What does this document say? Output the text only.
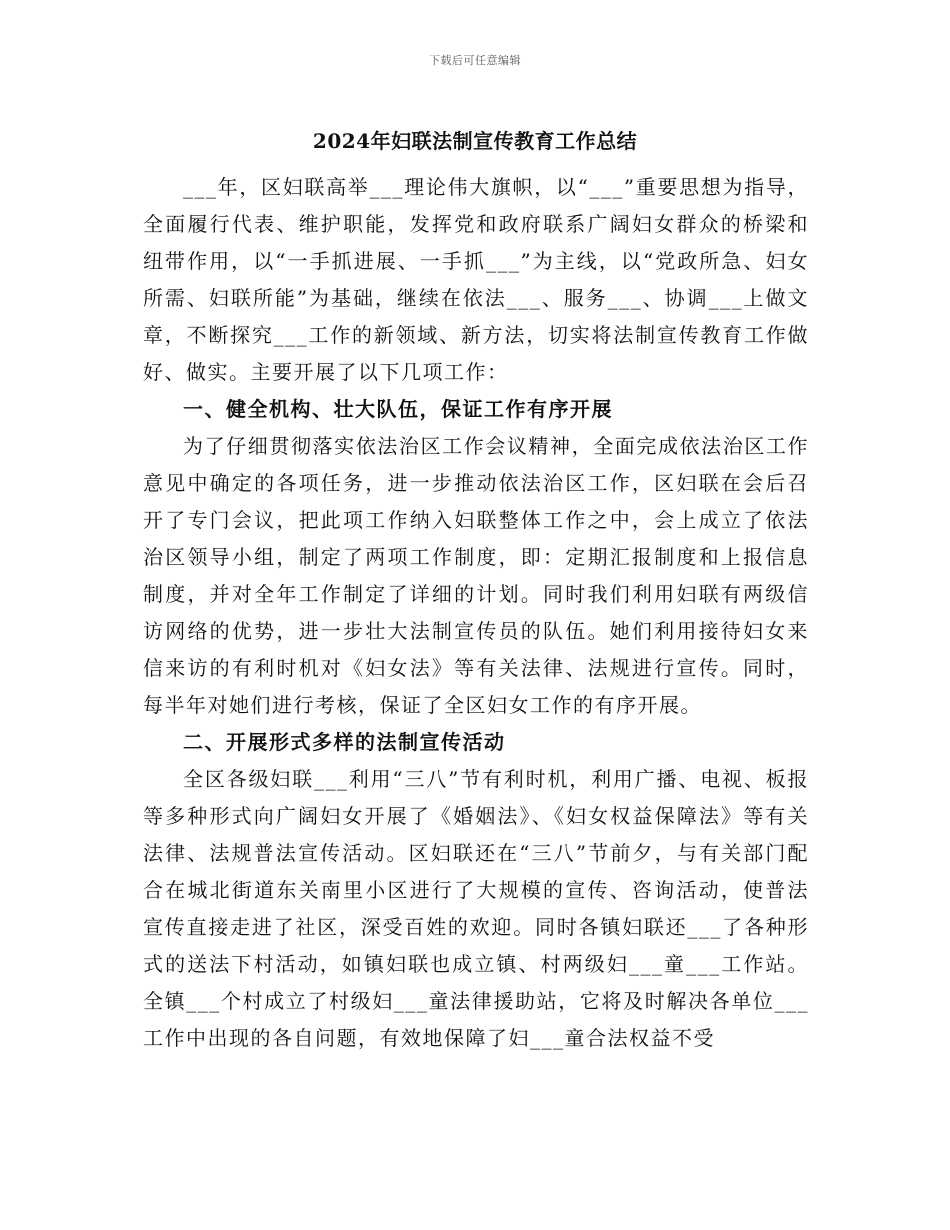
下载后可任意编辑
2024年妇联法制宣传教育工作总结

___年，区妇联高举___理论伟大旗帜，以“___”重要思想为指导，全面履行代表、维护职能，发挥党和政府联系广阔妇女群众的桥梁和纽带作用，以“一手抓进展、一手抓___”为主线，以“党政所急、妇女所需、妇联所能”为基础，继续在依法___、服务___、协调___上做文章，不断探究___工作的新领域、新方法，切实将法制宣传教育工作做好、做实。主要开展了以下几项工作：

一、健全机构、壮大队伍，保证工作有序开展

为了仔细贯彻落实依法治区工作会议精神，全面完成依法治区工作意见中确定的各项任务，进一步推动依法治区工作，区妇联在会后召开了专门会议，把此项工作纳入妇联整体工作之中，会上成立了依法治区领导小组，制定了两项工作制度，即：定期汇报制度和上报信息制度，并对全年工作制定了详细的计划。同时我们利用妇联有两级信访网络的优势，进一步壮大法制宣传员的队伍。她们利用接待妇女来信来访的有利时机对《妇女法》等有关法律、法规进行宣传。同时，每半年对她们进行考核，保证了全区妇女工作的有序开展。

二、开展形式多样的法制宣传活动

全区各级妇联___利用“三八”节有利时机，利用广播、电视、板报等多种形式向广阔妇女开展了《婚姻法》、《妇女权益保障法》等有关法律、法规普法宣传活动。区妇联还在“三八”节前夕，与有关部门配合在城北街道东关南里小区进行了大规模的宣传、咨询活动，使普法宣传直接走进了社区，深受百姓的欢迎。同时各镇妇联还___了各种形式的送法下村活动，如镇妇联也成立镇、村两级妇___童___工作站。全镇___个村成立了村级妇___童法律援助站，它将及时解决各单位___工作中出现的各自问题，有效地保障了妇___童合法权益不受
